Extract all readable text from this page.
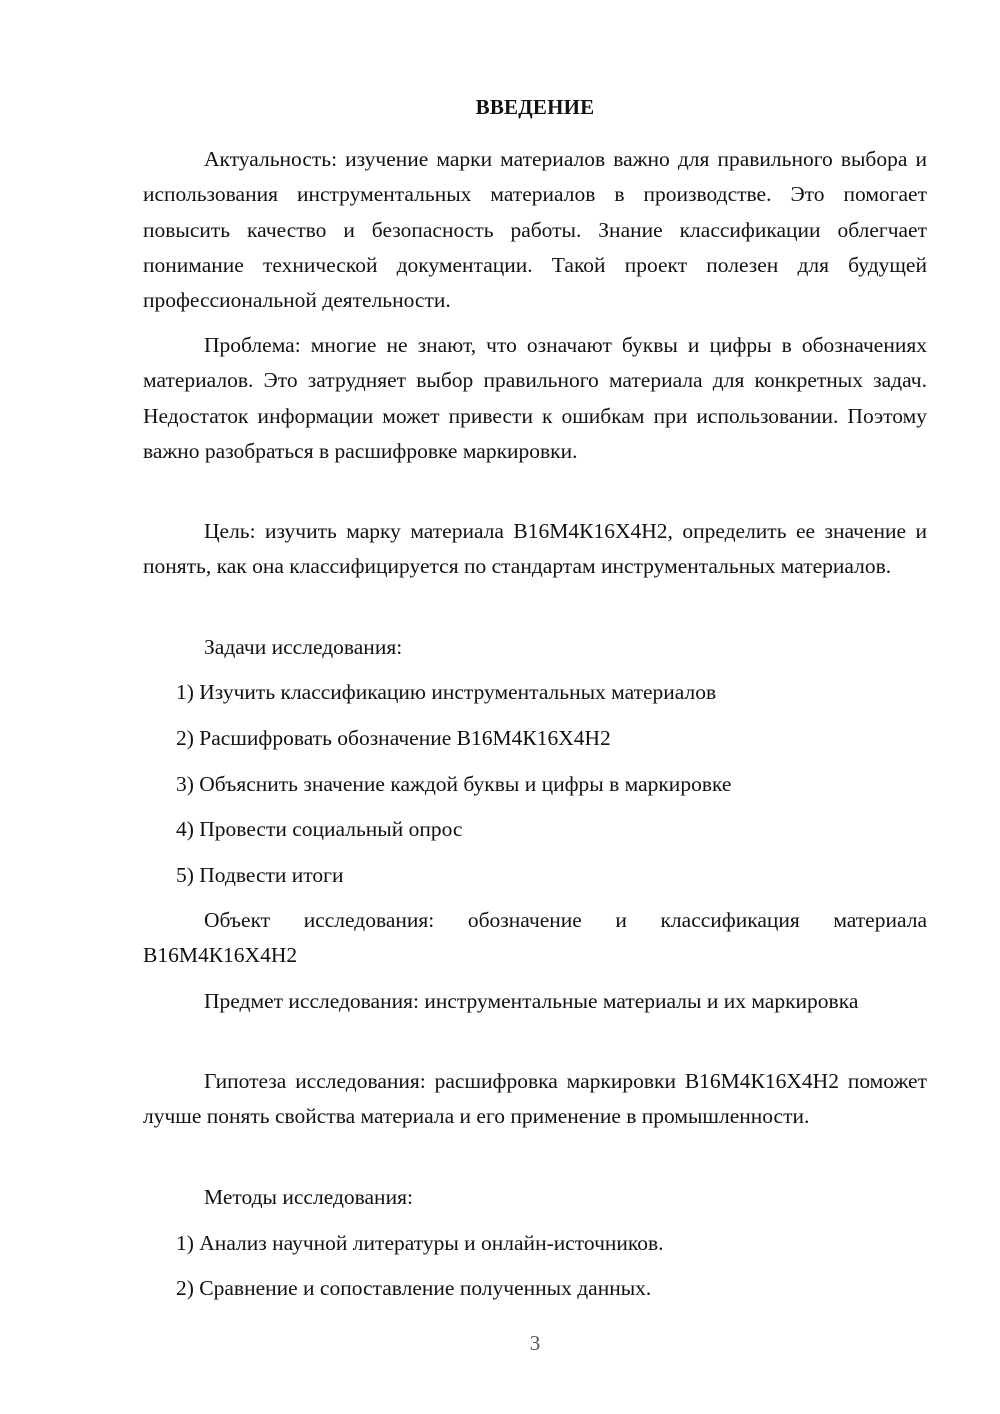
ВВЕДЕНИЕ

Актуальность: изучение марки материалов важно для правильного выбора и использования инструментальных материалов в производстве. Это помогает повысить качество и безопасность работы. Знание классификации облегчает понимание технической документации. Такой проект полезен для будущей профессиональной деятельности.

Проблема: многие не знают, что означают буквы и цифры в обозначениях материалов. Это затрудняет выбор правильного материала для конкретных задач. Недостаток информации может привести к ошибкам при использовании. Поэтому важно разобраться в расшифровке маркировки.

Цель: изучить марку материала В16М4К16Х4Н2, определить ее значение и понять, как она классифицируется по стандартам инструментальных материалов.

Задачи исследования:

1) Изучить классификацию инструментальных материалов

2) Расшифровать обозначение В16М4К16Х4Н2

3) Объяснить значение каждой буквы и цифры в маркировке

4) Провести социальный опрос

5) Подвести итоги

Объект исследования: обозначение и классификация материала В16М4К16Х4Н2

Предмет исследования: инструментальные материалы и их маркировка

Гипотеза исследования: расшифровка маркировки В16М4К16Х4Н2 поможет лучше понять свойства материала и его применение в промышленности.

Методы исследования:

1) Анализ научной литературы и онлайн-источников.

2) Сравнение и сопоставление полученных данных.

3
